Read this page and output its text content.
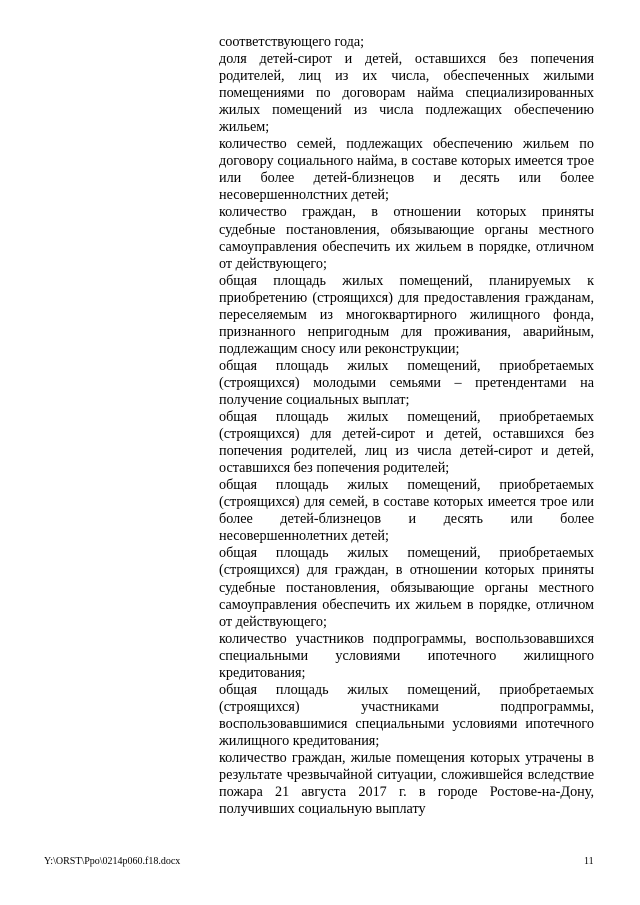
соответствующего года;

доля детей-сирот и детей, оставшихся без попечения родителей, лиц из их числа, обеспеченных жилыми помещениями по договорам найма специализированных жилых помещений из числа подлежащих обеспечению жильем;

количество семей, подлежащих обеспечению жильем по договору социального найма, в составе которых имеется трое или более детей-близнецов и десять или более несовершеннолстних детей;

количество граждан, в отношении которых приняты судебные постановления, обязывающие органы местного самоуправления обеспечить их жильем в порядке, отличном от действующего;

общая площадь жилых помещений, планируемых к приобретению (строящихся) для предоставления гражданам, переселяемым из многоквартирного жилищного фонда, признанного непригодным для проживания, аварийным, подлежащим сносу или реконструкции;

общая площадь жилых помещений, приобретаемых (строящихся) молодыми семьями – претендентами на получение социальных выплат;

общая площадь жилых помещений, приобретаемых (строящихся) для детей-сирот и детей, оставшихся без попечения родителей, лиц из числа детей-сирот и детей, оставшихся без попечения родителей;

общая площадь жилых помещений, приобретаемых (строящихся) для семей, в составе которых имеется трое или более детей-близнецов и десять или более несовершеннолетних детей;

общая площадь жилых помещений, приобретаемых (строящихся) для граждан, в отношении которых приняты судебные постановления, обязывающие органы местного самоуправления обеспечить их жильем в порядке, отличном от действующего;

количество участников подпрограммы, воспользовавшихся специальными условиями ипотечного жилищного кредитования;

общая площадь жилых помещений, приобретаемых (строящихся) участниками подпрограммы, воспользовавшимися специальными условиями ипотечного жилищного кредитования;

количество граждан, жилые помещения которых утрачены в результате чрезвычайной ситуации, сложившейся вследствие пожара 21 августа 2017 г. в городе Ростове-на-Дону, получивших социальную выплату

Y:\ORST\Ppo\0214p060.f18.docx	11
